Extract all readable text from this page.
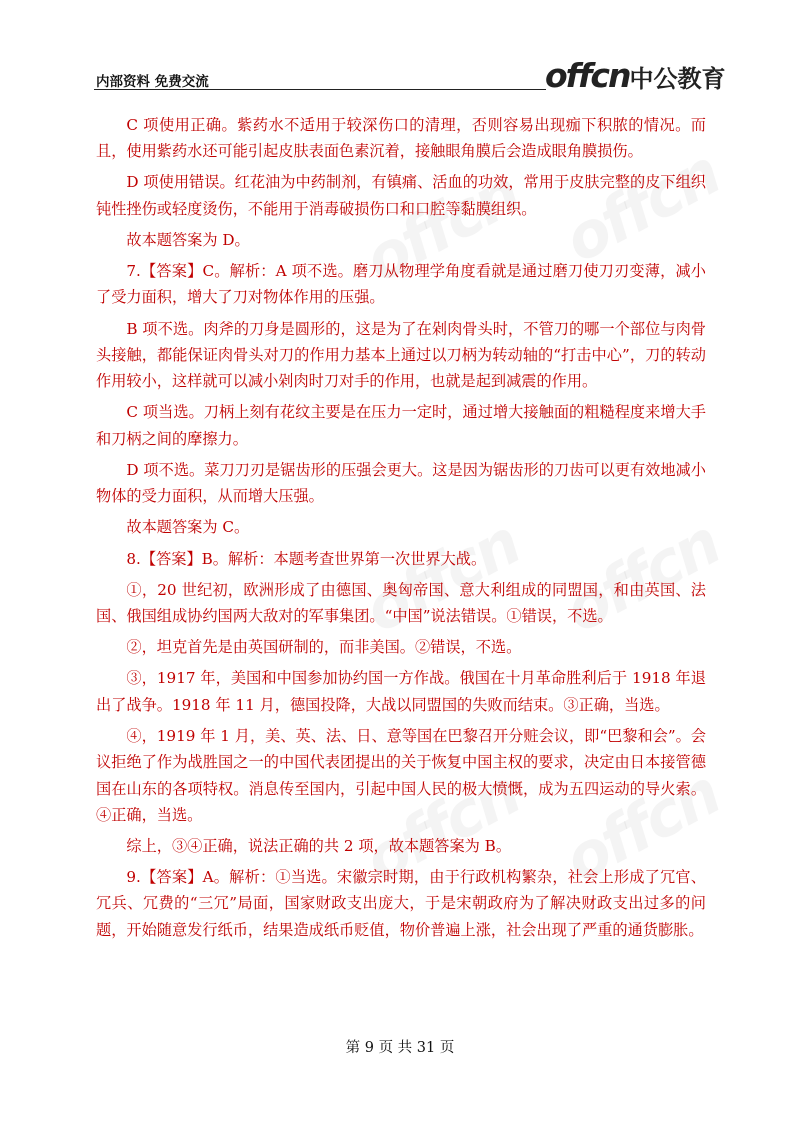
内部资料 免费交流	offcn中公教育

C 项使用正确。紫药水不适用于较深伤口的清理，否则容易出现痂下积脓的情况。而且，使用紫药水还可能引起皮肤表面色素沉着，接触眼角膜后会造成眼角膜损伤。

D 项使用错误。红花油为中药制剂，有镇痛、活血的功效，常用于皮肤完整的皮下组织钝性挫伤或轻度烫伤，不能用于消毒破损伤口和口腔等黏膜组织。

故本题答案为 D。

7.【答案】C。解析：A 项不选。磨刀从物理学角度看就是通过磨刀使刀刃变薄，减小了受力面积，增大了刀对物体作用的压强。

B 项不选。肉斧的刀身是圆形的，这是为了在剁肉骨头时，不管刀的哪一个部位与肉骨头接触，都能保证肉骨头对刀的作用力基本上通过以刀柄为转动轴的“打击中心”，刀的转动作用较小，这样就可以减小剁肉时刀对手的作用，也就是起到减震的作用。

C 项当选。刀柄上刻有花纹主要是在压力一定时，通过增大接触面的粗糙程度来增大手和刀柄之间的摩擦力。

D 项不选。菜刀刀刃是锯齿形的压强会更大。这是因为锯齿形的刀齿可以更有效地减小物体的受力面积，从而增大压强。

故本题答案为 C。

8.【答案】B。解析：本题考查世界第一次世界大战。

①，20 世纪初，欧洲形成了由德国、奥匈帝国、意大利组成的同盟国，和由英国、法国、俄国组成协约国两大敌对的军事集团。“中国”说法错误。①错误，不选。

②，坦克首先是由英国研制的，而非美国。②错误，不选。

③，1917 年，美国和中国参加协约国一方作战。俄国在十月革命胜利后于 1918 年退出了战争。1918 年 11 月，德国投降，大战以同盟国的失败而结束。③正确，当选。

④，1919 年 1 月，美、英、法、日、意等国在巴黎召开分赃会议，即“巴黎和会”。会议拒绝了作为战胜国之一的中国代表团提出的关于恢复中国主权的要求，决定由日本接管德国在山东的各项特权。消息传至国内，引起中国人民的极大愤慨，成为五四运动的导火索。④正确，当选。

综上，③④正确，说法正确的共 2 项，故本题答案为 B。

9.【答案】A。解析：①当选。宋徽宗时期，由于行政机构繁杂，社会上形成了冗官、冗兵、冗费的“三冗”局面，国家财政支出庞大，于是宋朝政府为了解决财政支出过多的问题，开始随意发行纸币，结果造成纸币贬值，物价普遍上涨，社会出现了严重的通货膨胀。

第 9 页 共 31 页
